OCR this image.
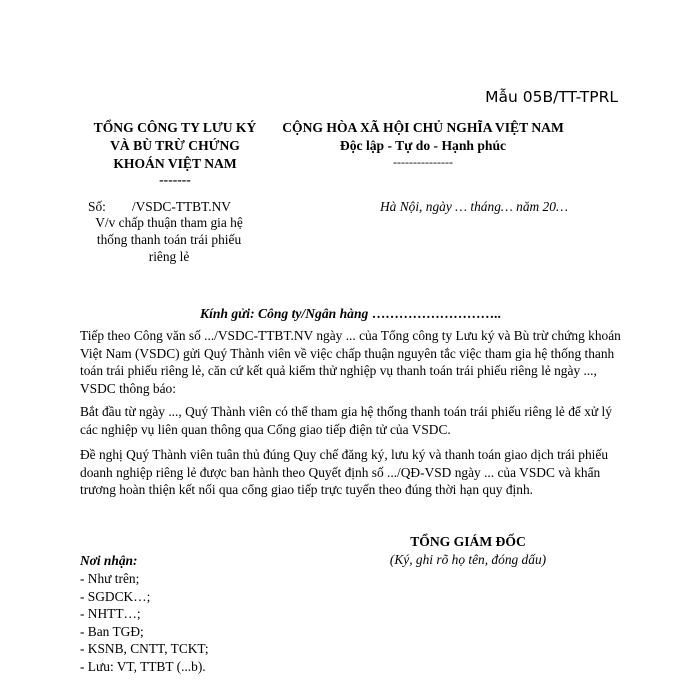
Mẫu 05B/TT-TPRL
TỔNG CÔNG TY LƯU KÝ
VÀ BÙ TRỪ CHỨNG
KHOÁN VIỆT NAM
-------
CỘNG HÒA XÃ HỘI CHỦ NGHĨA VIỆT NAM
Độc lập - Tự do - Hạnh phúc
---------------
Số: /VSDC-TTBT.NV
V/v chấp thuận tham gia hệ
thống thanh toán trái phiếu
riêng lẻ
Hà Nội, ngày … tháng… năm 20…
Kính gửi: Công ty/Ngân hàng ………………………..
Tiếp theo Công văn số .../VSDC-TTBT.NV ngày ... của Tổng công ty Lưu ký và Bù trừ chứng khoán Việt Nam (VSDC) gửi Quý Thành viên về việc chấp thuận nguyên tắc việc tham gia hệ thống thanh toán trái phiếu riêng lẻ, căn cứ kết quả kiểm thử nghiệp vụ thanh toán trái phiếu riêng lẻ ngày ..., VSDC thông báo:
Bắt đầu từ ngày ..., Quý Thành viên có thể tham gia hệ thống thanh toán trái phiếu riêng lẻ để xử lý các nghiệp vụ liên quan thông qua Cổng giao tiếp điện tử của VSDC.
Đề nghị Quý Thành viên tuân thủ đúng Quy chế đăng ký, lưu ký và thanh toán giao dịch trái phiếu doanh nghiệp riêng lẻ được ban hành theo Quyết định số .../QĐ-VSD ngày ... của VSDC và khẩn trương hoàn thiện kết nối qua cổng giao tiếp trực tuyến theo đúng thời hạn quy định.
TỔNG GIÁM ĐỐC
(Ký, ghi rõ họ tên, đóng dấu)
Nơi nhận:
- Như trên;
- SGDCK…;
- NHTT…;
- Ban TGĐ;
- KSNB, CNTT, TCKT;
- Lưu: VT, TTBT (...b).
